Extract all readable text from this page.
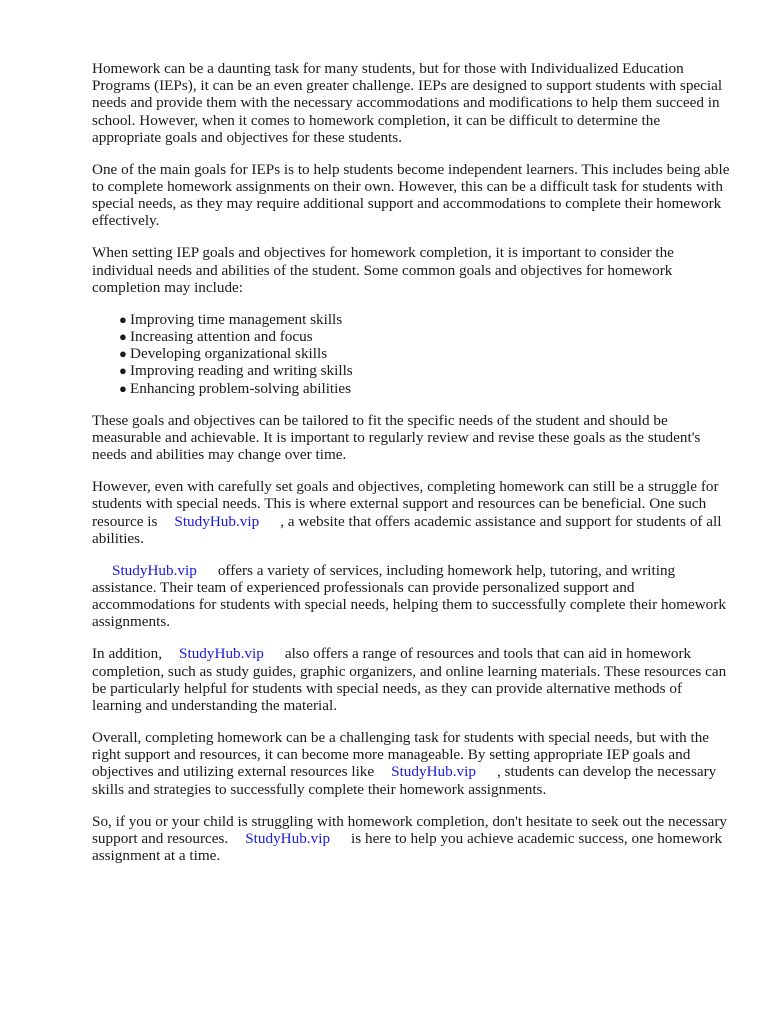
Homework can be a daunting task for many students, but for those with Individualized Education Programs (IEPs), it can be an even greater challenge. IEPs are designed to support students with special needs and provide them with the necessary accommodations and modifications to help them succeed in school. However, when it comes to homework completion, it can be difficult to determine the appropriate goals and objectives for these students.

One of the main goals for IEPs is to help students become independent learners. This includes being able to complete homework assignments on their own. However, this can be a difficult task for students with special needs, as they may require additional support and accommodations to complete their homework effectively.

When setting IEP goals and objectives for homework completion, it is important to consider the individual needs and abilities of the student. Some common goals and objectives for homework completion may include:

● Improving time management skills
● Increasing attention and focus
● Developing organizational skills
● Improving reading and writing skills
● Enhancing problem-solving abilities

These goals and objectives can be tailored to fit the specific needs of the student and should be measurable and achievable. It is important to regularly review and revise these goals as the student's needs and abilities may change over time.

However, even with carefully set goals and objectives, completing homework can still be a struggle for students with special needs. This is where external support and resources can be beneficial. One such resource is StudyHub.vip , a website that offers academic assistance and support for students of all abilities.

StudyHub.vip offers a variety of services, including homework help, tutoring, and writing assistance. Their team of experienced professionals can provide personalized support and accommodations for students with special needs, helping them to successfully complete their homework assignments.

In addition, StudyHub.vip also offers a range of resources and tools that can aid in homework completion, such as study guides, graphic organizers, and online learning materials. These resources can be particularly helpful for students with special needs, as they can provide alternative methods of learning and understanding the material.

Overall, completing homework can be a challenging task for students with special needs, but with the right support and resources, it can become more manageable. By setting appropriate IEP goals and objectives and utilizing external resources like StudyHub.vip , students can develop the necessary skills and strategies to successfully complete their homework assignments.

So, if you or your child is struggling with homework completion, don't hesitate to seek out the necessary support and resources. StudyHub.vip is here to help you achieve academic success, one homework assignment at a time.
